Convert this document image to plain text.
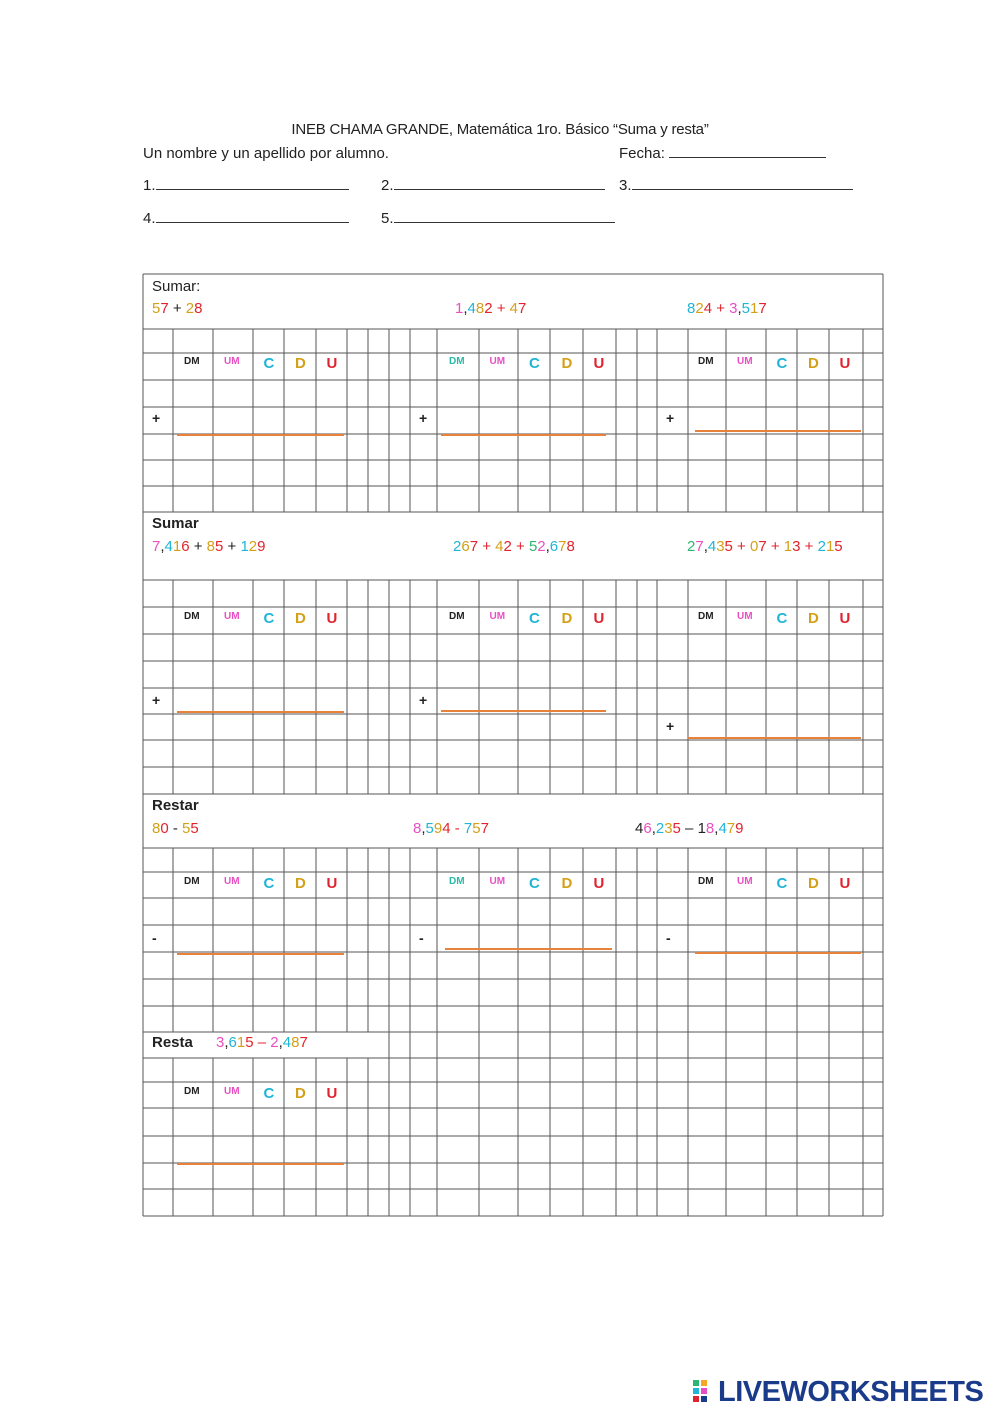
INEB CHAMA GRANDE, Matemática 1ro. Básico “Suma y resta”
Un nombre y un apellido por alumno.	Fecha:
1.	2.	3.
4.	5.
Sumar:
Sumar
Restar
Resta
57 + 28	1,482 + 47	824 + 3,517
7,416 + 85 + 129	267 + 42 + 52,678	27,435 + 07 + 13 + 215
80 - 55	8,594 - 757	46,235 – 18,479
3,615 – 2,487
DM UM C D U	DM UM C D U	DM UM C D U
DM UM C D U	DM UM C D U	DM UM C D U
DM UM C D U	DM UM C D U	DM UM C D U
DM UM C D U
+	+	+
+	+
+
-	-	-
LIVEWORKSHEETS
